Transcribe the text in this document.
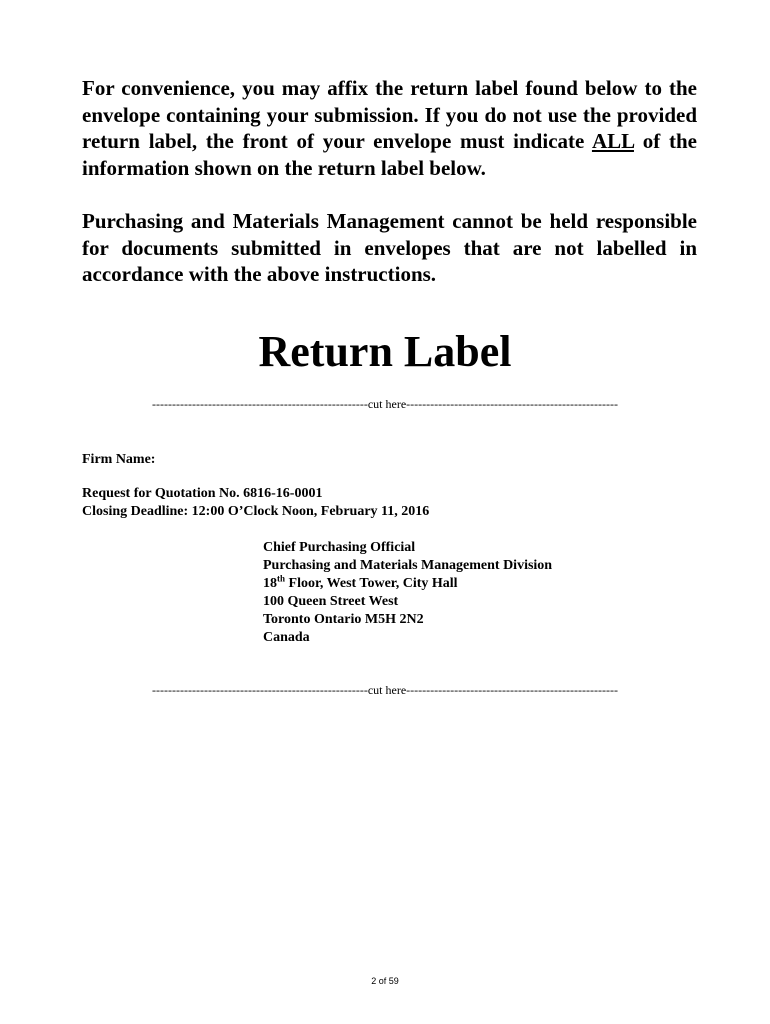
For convenience, you may affix the return label found below to the envelope containing your submission. If you do not use the provided return label, the front of your envelope must indicate ALL of the information shown on the return label below.

Purchasing and Materials Management cannot be held responsible for documents submitted in envelopes that are not labelled in accordance with the above instructions.

Return Label
------------------------------------------------------cut here-----------------------------------------------------

Firm Name:

Request for Quotation No. 6816-16-0001

Closing Deadline: 12:00 O’Clock Noon, February 11, 2016

Chief Purchasing Official
Purchasing and Materials Management Division
18th Floor, West Tower, City Hall
100 Queen Street West
Toronto Ontario M5H 2N2
Canada
------------------------------------------------------cut here-----------------------------------------------------
2 of 59
